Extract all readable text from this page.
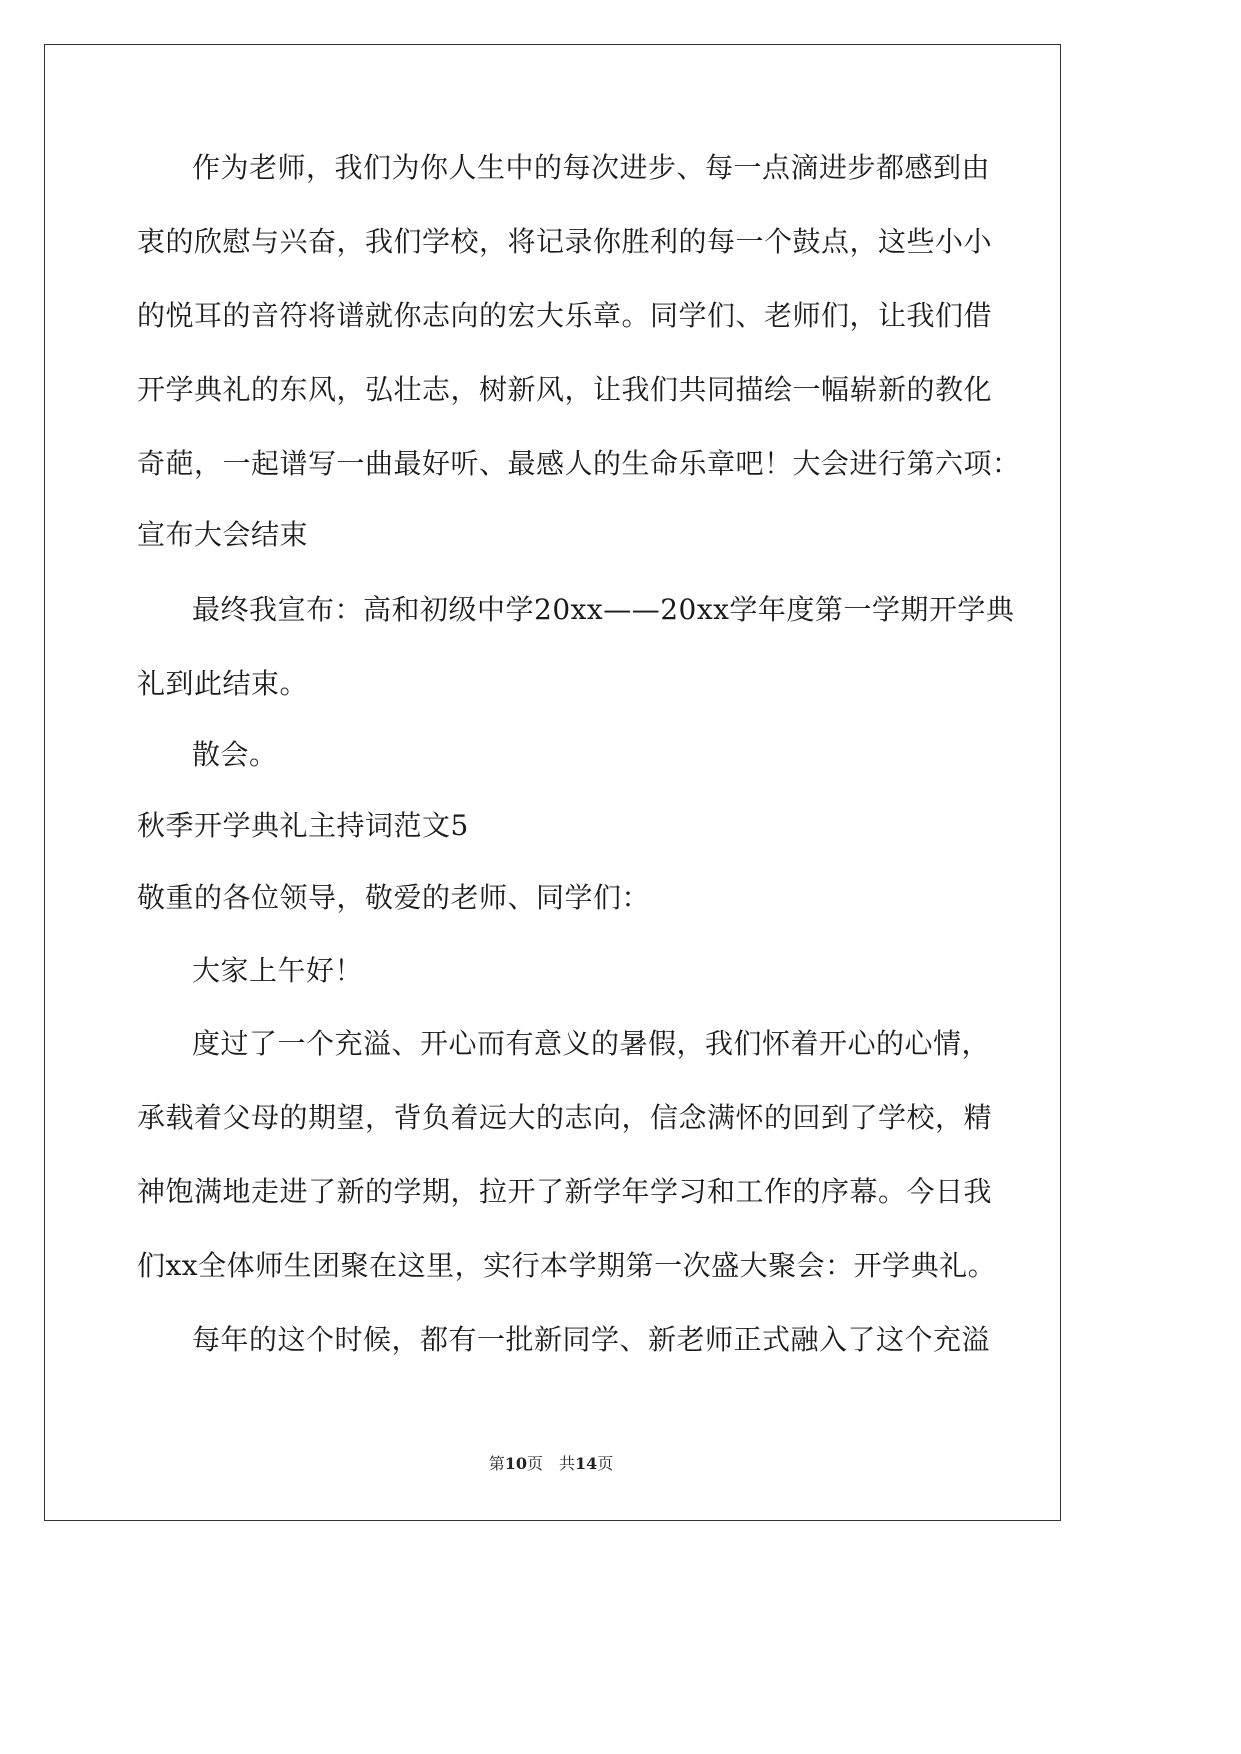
作为老师，我们为你人生中的每次进步、每一点滴进步都感到由
衷的欣慰与兴奋，我们学校，将记录你胜利的每一个鼓点，这些小小
的悦耳的音符将谱就你志向的宏大乐章。同学们、老师们，让我们借
开学典礼的东风，弘壮志，树新风，让我们共同描绘一幅崭新的教化
奇葩，一起谱写一曲最好听、最感人的生命乐章吧！大会进行第六项：
宣布大会结束
最终我宣布：高和初级中学20xx——20xx学年度第一学期开学典
礼到此结束。
散会。
秋季开学典礼主持词范文5
敬重的各位领导，敬爱的老师、同学们：
大家上午好！
度过了一个充溢、开心而有意义的暑假，我们怀着开心的心情，
承载着父母的期望，背负着远大的志向，信念满怀的回到了学校，精
神饱满地走进了新的学期，拉开了新学年学习和工作的序幕。今日我
们xx全体师生团聚在这里，实行本学期第一次盛大聚会：开学典礼。
每年的这个时候，都有一批新同学、新老师正式融入了这个充溢
第10页　共14页
